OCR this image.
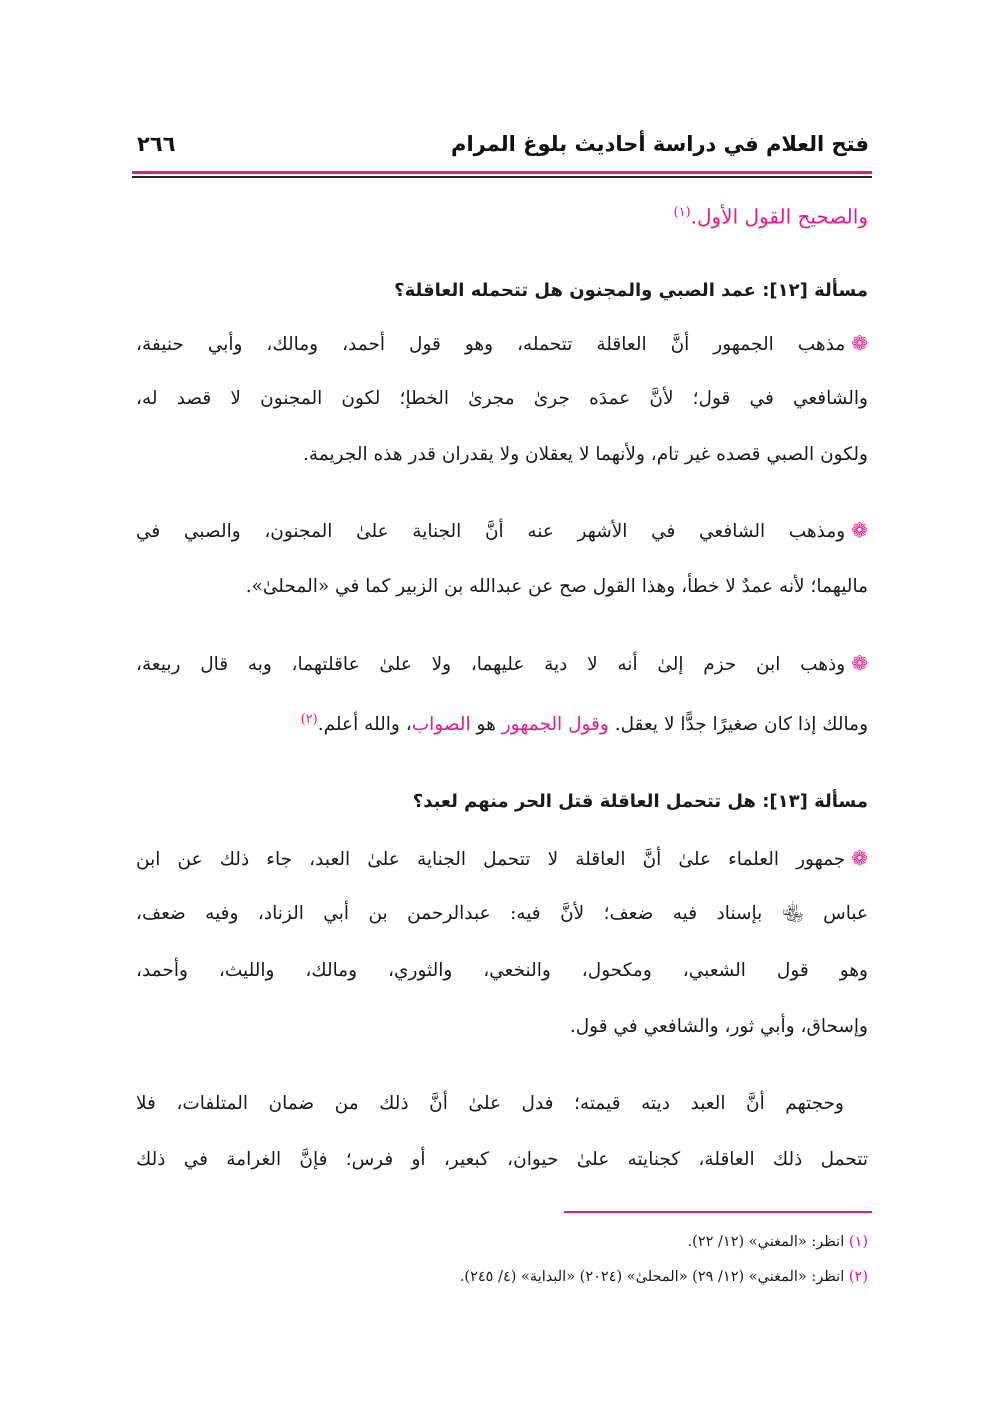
فتح العلام في دراسة أحاديث بلوغ المرام
٢٦٦
والصحيح القول الأول.$^{(١)}$
مسألة [١٢]: عمد الصبي والمجنون هل تتحمله العاقلة؟
❁مذهب الجمهور أنَّ العاقلة تتحمله، وهو قول أحمد، ومالك، وأبي حنيفة،
والشافعي في قول؛ لأنَّ عمدَه جرىٰ مجرىٰ الخطإ؛ لكون المجنون لا قصد له،
ولكون الصبي قصده غير تام، ولأنهما لا يعقلان ولا يقدران قدر هذه الجريمة.
❁ومذهب الشافعي في الأشهر عنه أنَّ الجناية علىٰ المجنون، والصبي في
ماليهما؛ لأنه عمدٌ لا خطأ، وهذا القول صح عن عبدالله بن الزبير كما في «المحلىٰ».
❁وذهب ابن حزم إلىٰ أنه لا دية عليهما، ولا علىٰ عاقلتهما، وبه قال ربيعة،
ومالك إذا كان صغيرًا جدًّا لا يعقل. وقول الجمهور هو الصواب، والله أعلم.$^{(٢)}$
مسألة [١٣]: هل تتحمل العاقلة قتل الحر منهم لعبد؟
❁جمهور العلماء علىٰ أنَّ العاقلة لا تتحمل الجناية علىٰ العبد، جاء ذلك عن ابن
عباس ﵄ بإسناد فيه ضعف؛ لأنَّ فيه: عبدالرحمن بن أبي الزناد، وفيه ضعف،
وهو قول الشعبي، ومكحول، والنخعي، والثوري، ومالك، والليث، وأحمد،
وإسحاق، وأبي ثور، والشافعي في قول.
وحجتهم أنَّ العبد ديته قيمته؛ فدل علىٰ أنَّ ذلك من ضمان المتلفات، فلا
تتحمل ذلك العاقلة، كجنايته علىٰ حيوان، كبعير، أو فرس؛ فإنَّ الغرامة في ذلك
(١) انظر: «المغني» (١٢/ ٢٢).
(٢) انظر: «المغني» (١٢/ ٢٩) «المحلىٰ» (٢٠٢٤) «البداية» (٤/ ٢٤٥).
